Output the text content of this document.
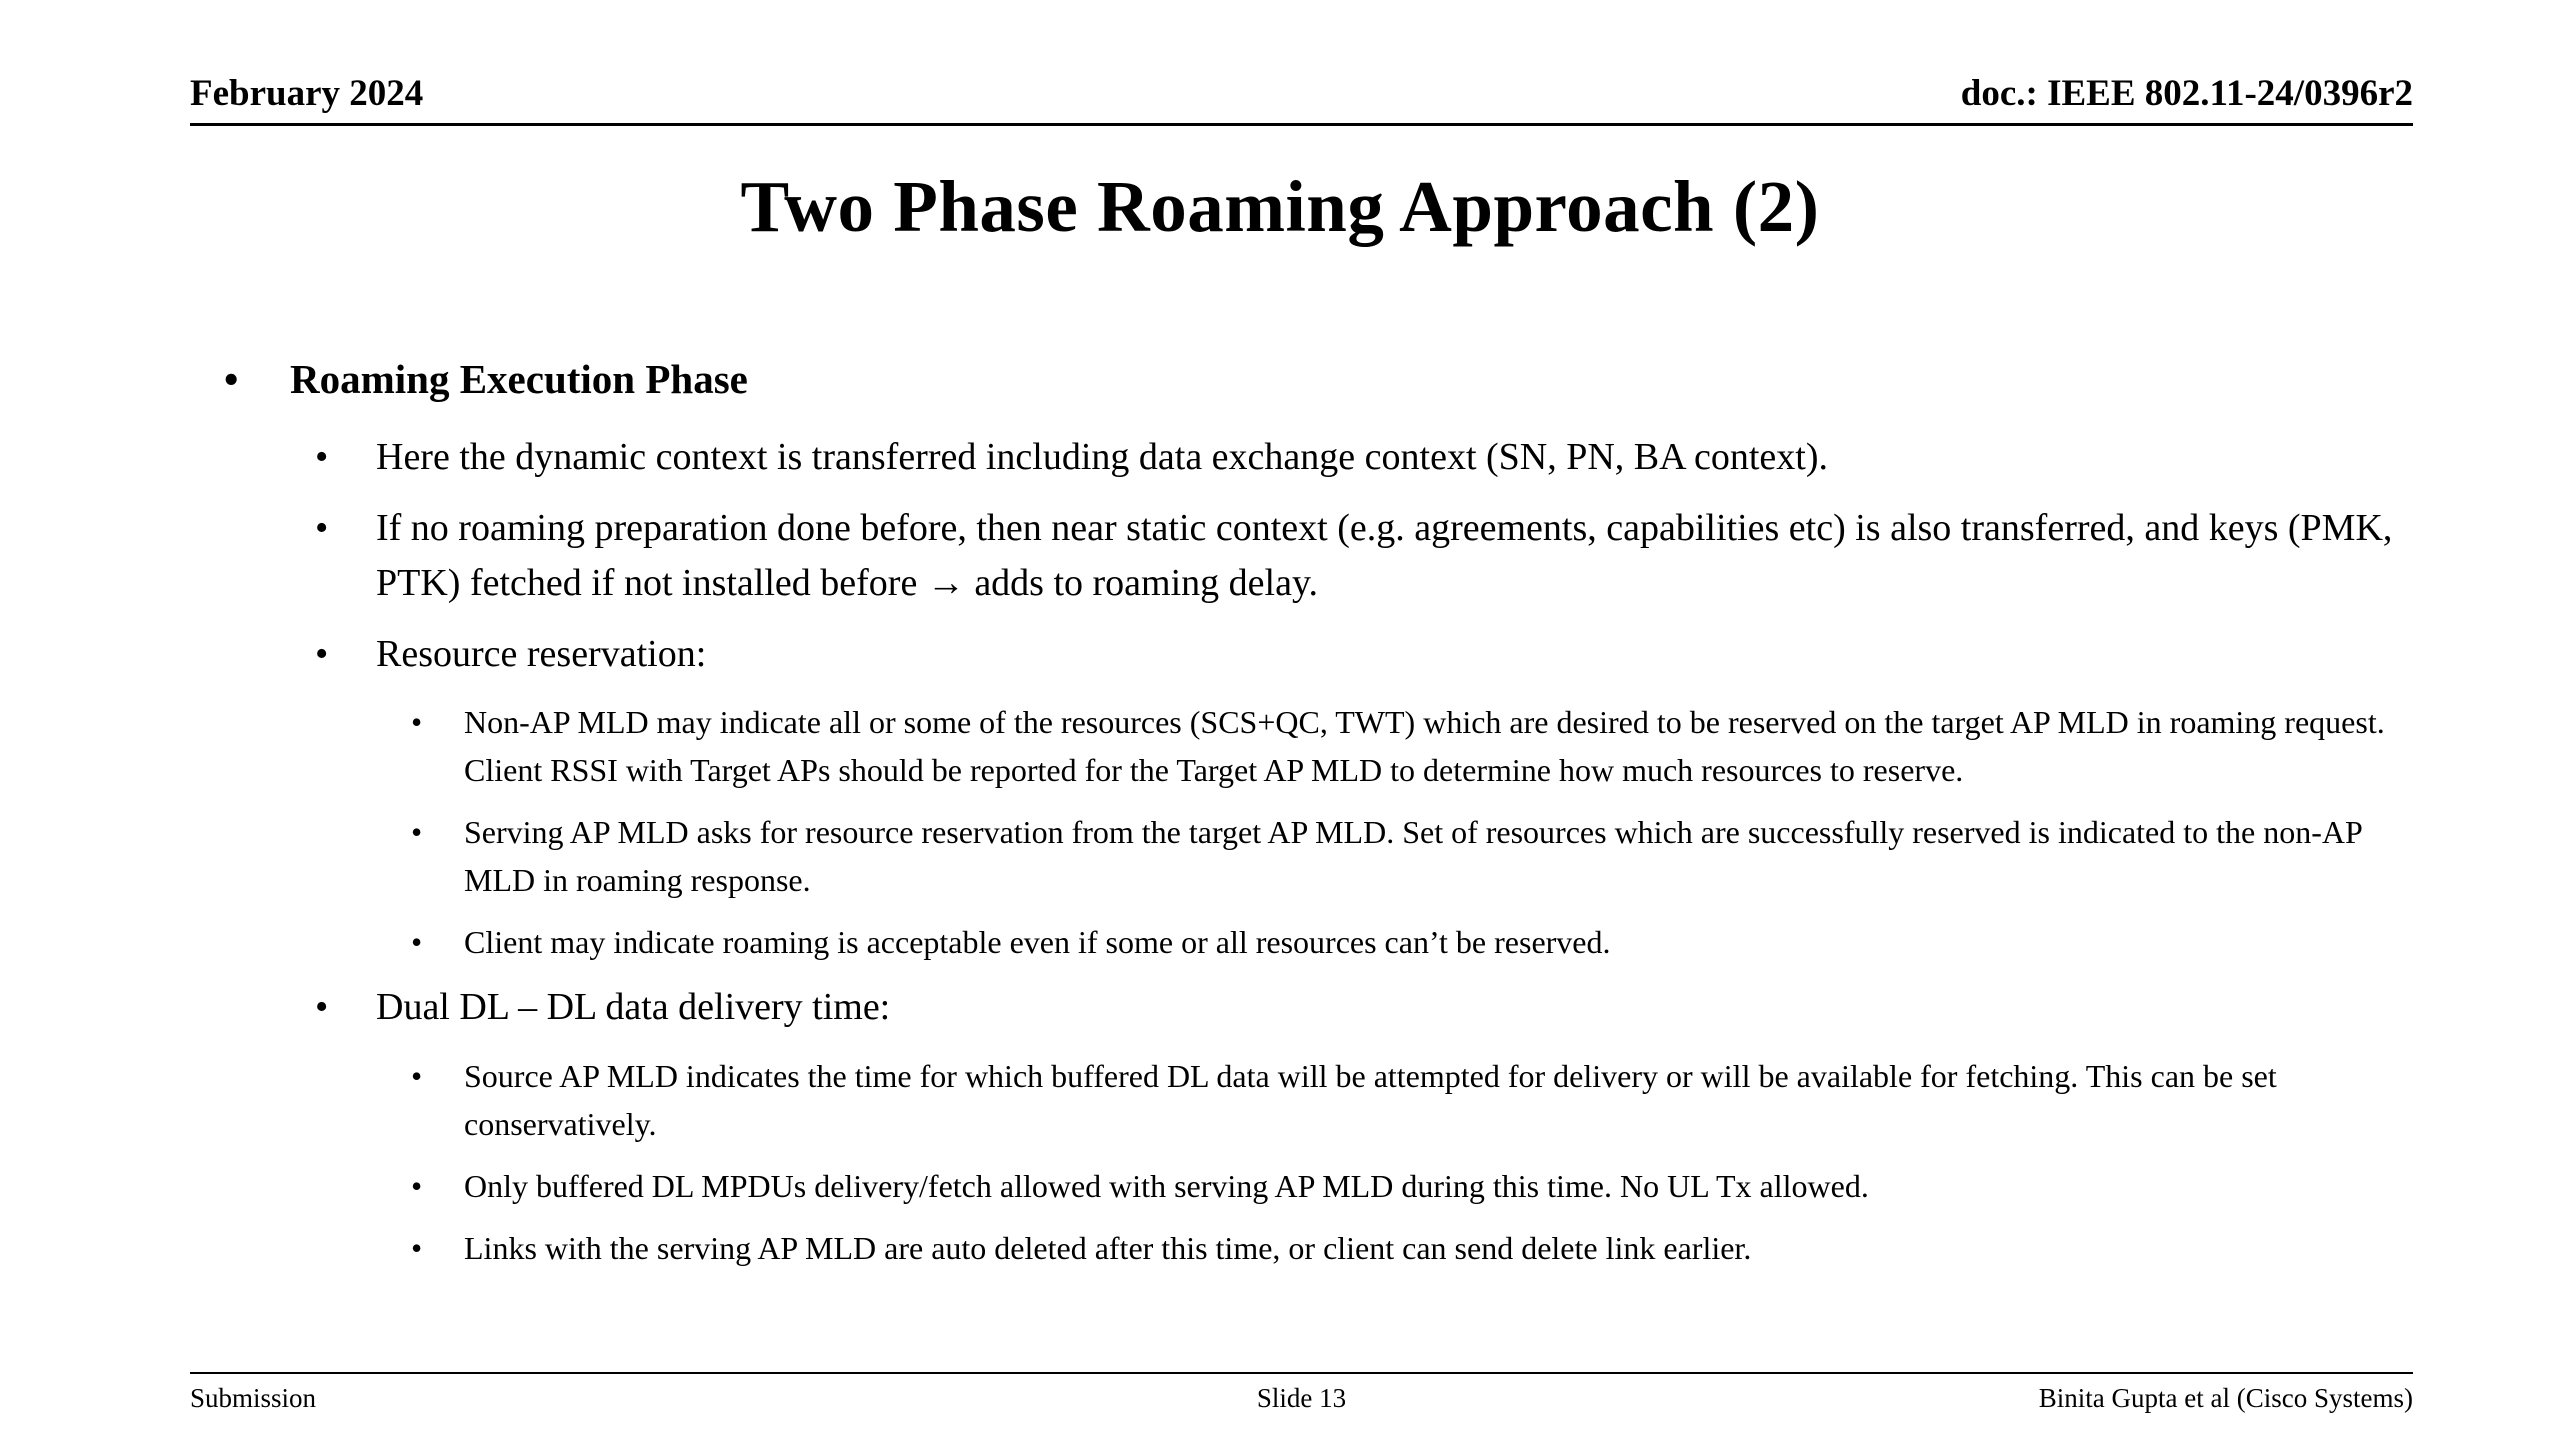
February 2024	doc.: IEEE 802.11-24/0396r2
Two Phase Roaming Approach (2)
•	Roaming Execution Phase
•	Here the dynamic context is transferred including data exchange context (SN, PN, BA context).
•	If no roaming preparation done before, then near static context (e.g. agreements, capabilities etc) is also transferred, and keys (PMK, PTK) fetched if not installed before → adds to roaming delay.
•	Resource reservation:
•	Non-AP MLD may indicate all or some of the resources (SCS+QC, TWT) which are desired to be reserved on the target AP MLD in roaming request. Client RSSI with Target APs should be reported for the Target AP MLD to determine how much resources to reserve.
•	Serving AP MLD asks for resource reservation from the target AP MLD. Set of resources which are successfully reserved is indicated to the non-AP MLD in roaming response.
•	Client may indicate roaming is acceptable even if some or all resources can’t be reserved.
•	Dual DL – DL data delivery time:
•	Source AP MLD indicates the time for which buffered DL data will be attempted for delivery or will be available for fetching. This can be set conservatively.
•	Only buffered DL MPDUs delivery/fetch allowed with serving AP MLD during this time. No UL Tx allowed.
•	Links with the serving AP MLD are auto deleted after this time, or client can send delete link earlier.
Submission	Slide 13	Binita Gupta et al (Cisco Systems)
